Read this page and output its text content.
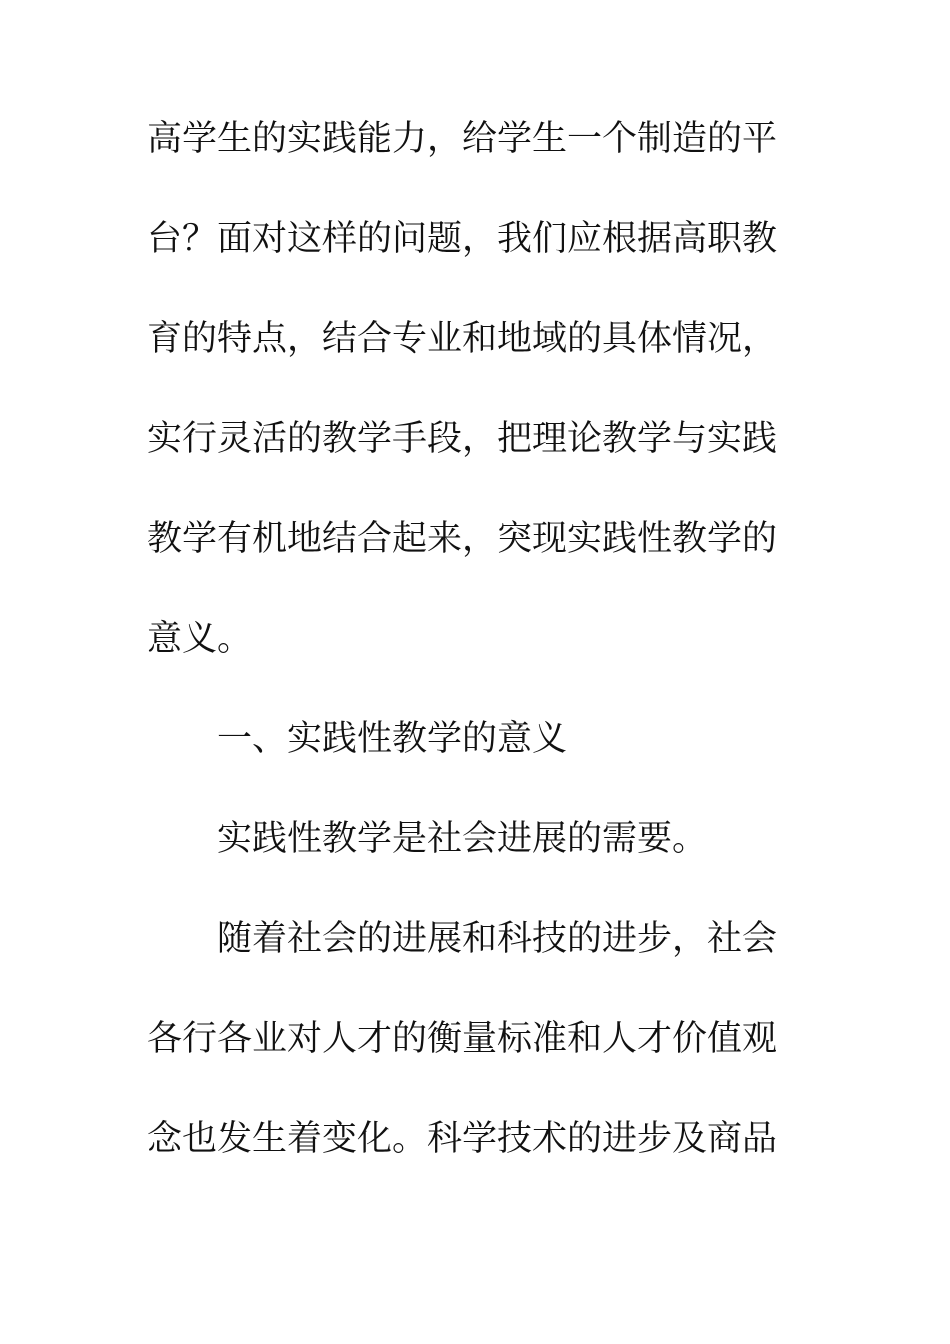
高学生的实践能力，给学生一个制造的平
台？面对这样的问题，我们应根据高职教
育的特点，结合专业和地域的具体情况，
实行灵活的教学手段，把理论教学与实践
教学有机地结合起来，突现实践性教学的
意义。
一、实践性教学的意义
实践性教学是社会进展的需要。
随着社会的进展和科技的进步，社会
各行各业对人才的衡量标准和人才价值观
念也发生着变化。科学技术的进步及商品
